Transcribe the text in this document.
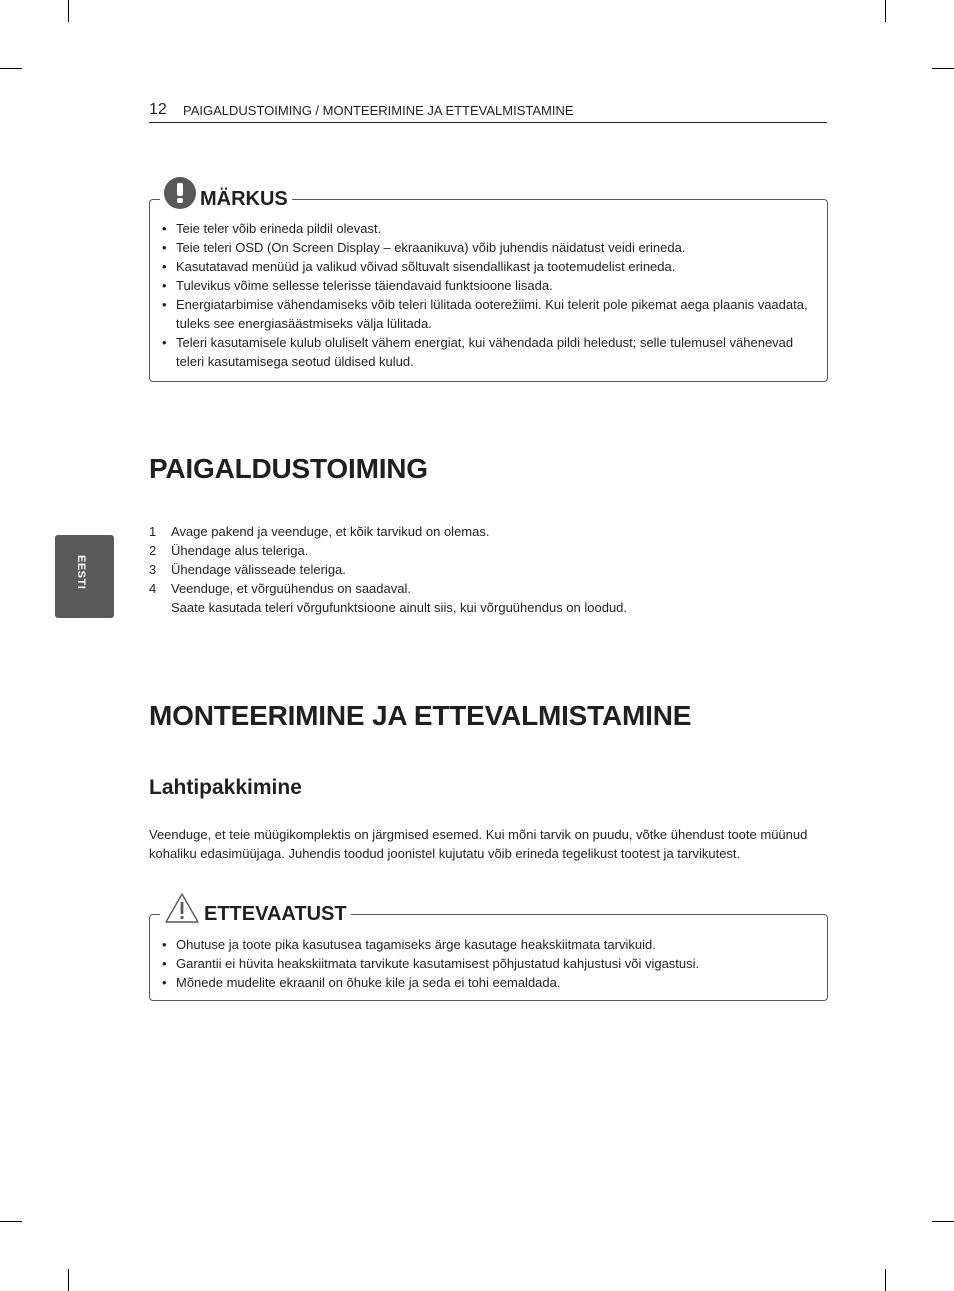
12 PAIGALDUSTOIMING / MONTEERIMINE JA ETTEVALMISTAMINE
EESTI
MÄRKUS
• Teie teler võib erineda pildil olevast.
• Teie teleri OSD (On Screen Display – ekraanikuva) võib juhendis näidatust veidi erineda.
• Kasutatavad menüüd ja valikud võivad sõltuvalt sisendallikast ja tootemudelist erineda.
• Tulevikus võime sellesse telerisse täiendavaid funktsioone lisada.
• Energiatarbimise vähendamiseks võib teleri lülitada ooterežiimi. Kui telerit pole pikemat aega plaanis vaadata, tuleks see energiasäästmiseks välja lülitada.
• Teleri kasutamisele kulub oluliselt vähem energiat, kui vähendada pildi heledust; selle tulemusel vähenevad teleri kasutamisega seotud üldised kulud.
PAIGALDUSTOIMING
1 Avage pakend ja veenduge, et kõik tarvikud on olemas.
2 Ühendage alus teleriga.
3 Ühendage välisseade teleriga.
4 Veenduge, et võrguühendus on saadaval.
Saate kasutada teleri võrgufunktsioone ainult siis, kui võrguühendus on loodud.
MONTEERIMINE JA ETTEVALMISTAMINE
Lahtipakkimine

Veenduge, et teie müügikomplektis on järgmised esemed. Kui mõni tarvik on puudu, võtke ühendust toote müünud kohaliku edasimüüjaga. Juhendis toodud joonistel kujutatu võib erineda tegelikust tootest ja tarvikutest.

ETTEVAATUST
• Ohutuse ja toote pika kasutusea tagamiseks ärge kasutage heakskiitmata tarvikuid.
• Garantii ei hüvita heakskiitmata tarvikute kasutamisest põhjustatud kahjustusi või vigastusi.
• Mõnede mudelite ekraanil on õhuke kile ja seda ei tohi eemaldada.
